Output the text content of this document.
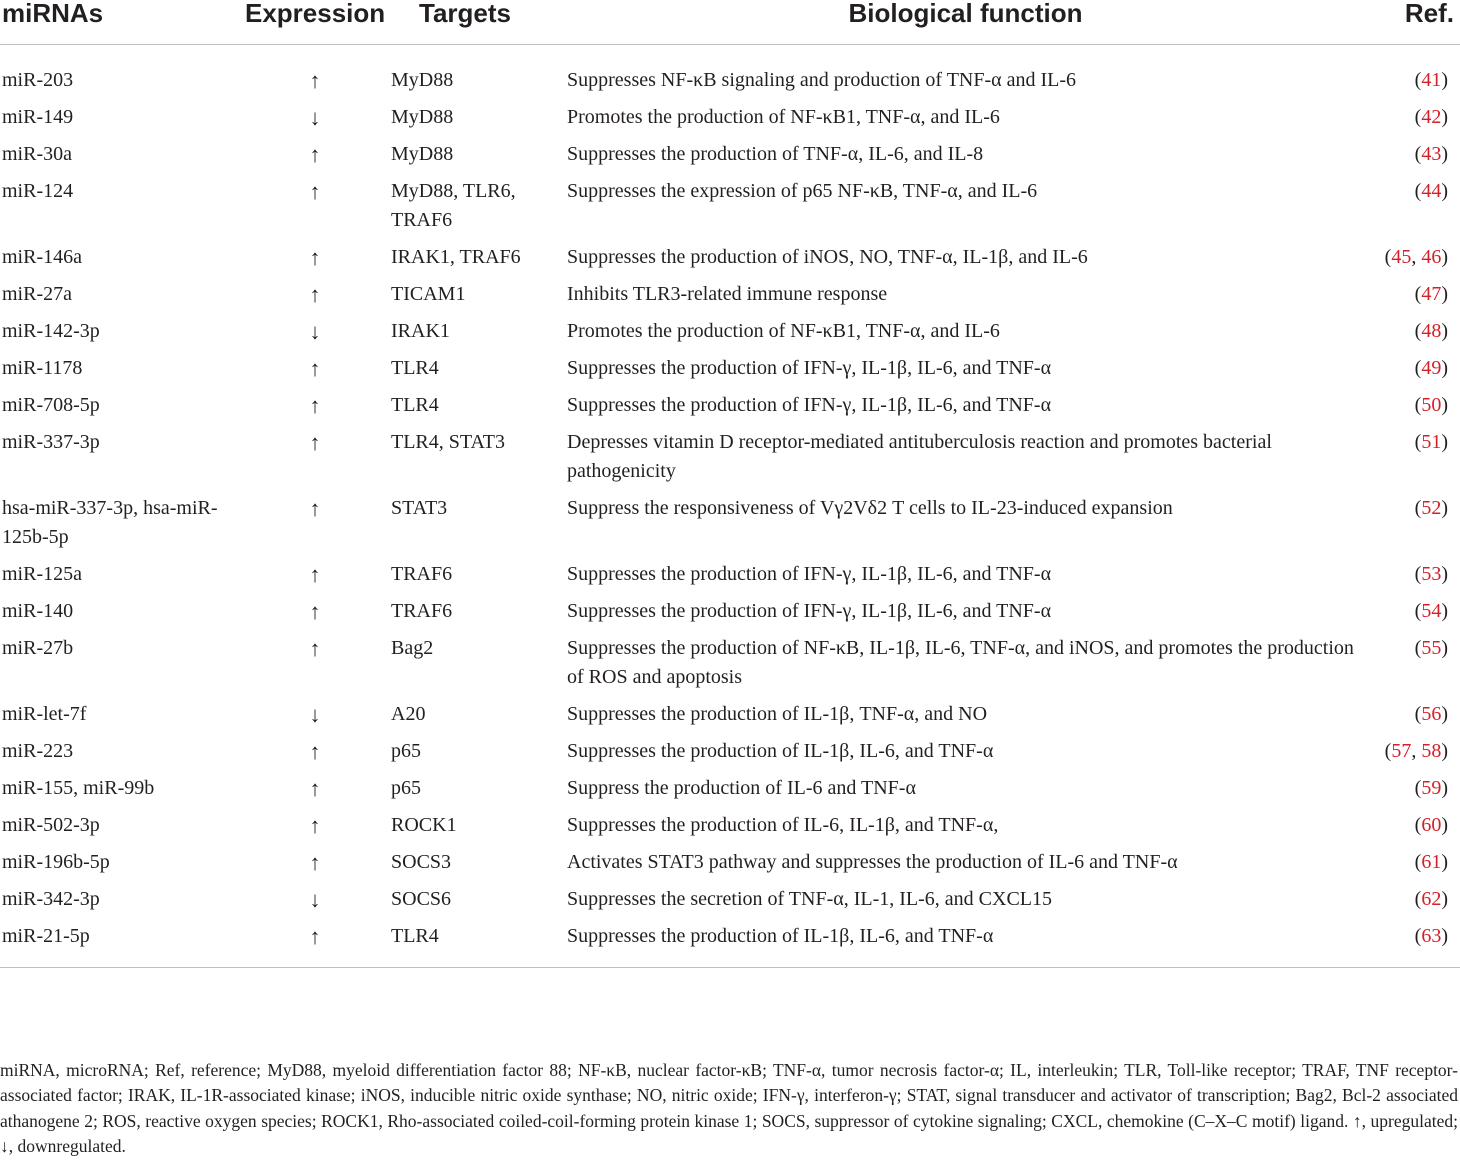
miRNAs	Expression	Targets	Biological function	Ref.
miR-203	↑	MyD88	Suppresses NF-κB signaling and production of TNF-α and IL-6	(41)
miR-149	↓	MyD88	Promotes the production of NF-κB1, TNF-α, and IL-6	(42)
miR-30a	↑	MyD88	Suppresses the production of TNF-α, IL-6, and IL-8	(43)
miR-124	↑	MyD88, TLR6, TRAF6	Suppresses the expression of p65 NF-κB, TNF-α, and IL-6	(44)
miR-146a	↑	IRAK1, TRAF6	Suppresses the production of iNOS, NO, TNF-α, IL-1β, and IL-6	(45, 46)
miR-27a	↑	TICAM1	Inhibits TLR3-related immune response	(47)
miR-142-3p	↓	IRAK1	Promotes the production of NF-κB1, TNF-α, and IL-6	(48)
miR-1178	↑	TLR4	Suppresses the production of IFN-γ, IL-1β, IL-6, and TNF-α	(49)
miR-708-5p	↑	TLR4	Suppresses the production of IFN-γ, IL-1β, IL-6, and TNF-α	(50)
miR-337-3p	↑	TLR4, STAT3	Depresses vitamin D receptor-mediated antituberculosis reaction and promotes bacterial pathogenicity	(51)
hsa-miR-337-3p, hsa-miR-125b-5p	↑	STAT3	Suppress the responsiveness of Vγ2Vδ2 T cells to IL-23-induced expansion	(52)
miR-125a	↑	TRAF6	Suppresses the production of IFN-γ, IL-1β, IL-6, and TNF-α	(53)
miR-140	↑	TRAF6	Suppresses the production of IFN-γ, IL-1β, IL-6, and TNF-α	(54)
miR-27b	↑	Bag2	Suppresses the production of NF-κB, IL-1β, IL-6, TNF-α, and iNOS, and promotes the production of ROS and apoptosis	(55)
miR-let-7f	↓	A20	Suppresses the production of IL-1β, TNF-α, and NO	(56)
miR-223	↑	p65	Suppresses the production of IL-1β, IL-6, and TNF-α	(57, 58)
miR-155, miR-99b	↑	p65	Suppress the production of IL-6 and TNF-α	(59)
miR-502-3p	↑	ROCK1	Suppresses the production of IL-6, IL-1β, and TNF-α,	(60)
miR-196b-5p	↑	SOCS3	Activates STAT3 pathway and suppresses the production of IL-6 and TNF-α	(61)
miR-342-3p	↓	SOCS6	Suppresses the secretion of TNF-α, IL-1, IL-6, and CXCL15	(62)
miR-21-5p	↑	TLR4	Suppresses the production of IL-1β, IL-6, and TNF-α	(63)

miRNA, microRNA; Ref, reference; MyD88, myeloid differentiation factor 88; NF-κB, nuclear factor-κB; TNF-α, tumor necrosis factor-α; IL, interleukin; TLR, Toll-like receptor; TRAF, TNF receptor-associated factor; IRAK, IL-1R-associated kinase; iNOS, inducible nitric oxide synthase; NO, nitric oxide; IFN-γ, interferon-γ; STAT, signal transducer and activator of transcription; Bag2, Bcl-2 associated athanogene 2; ROS, reactive oxygen species; ROCK1, Rho-associated coiled-coil-forming protein kinase 1; SOCS, suppressor of cytokine signaling; CXCL, chemokine (C–X–C motif) ligand. ↑, upregulated; ↓, downregulated.
